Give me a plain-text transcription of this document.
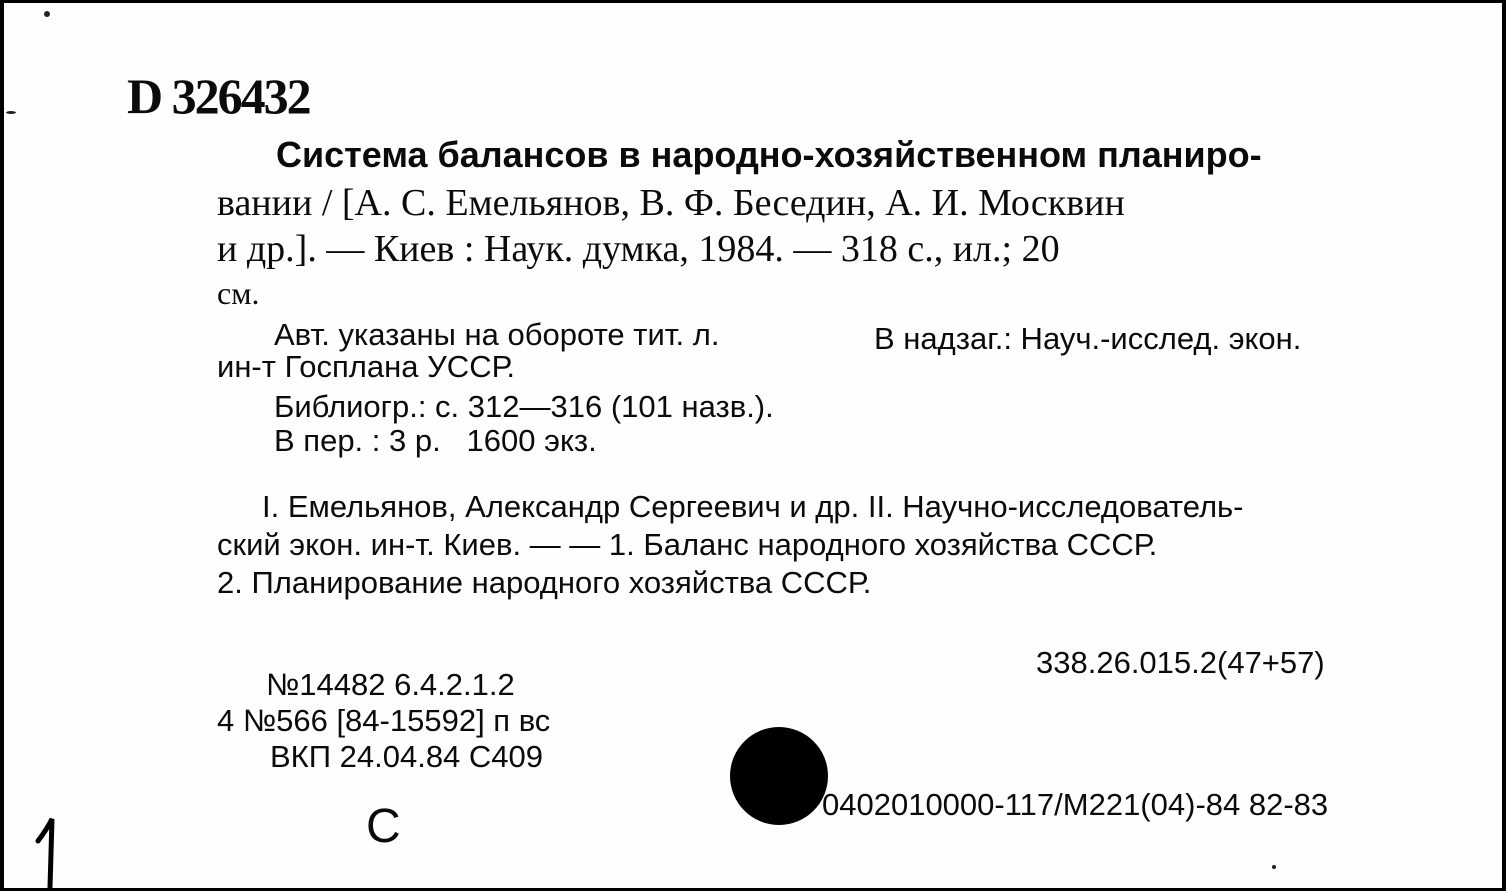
D 326432
Система балансов в народно-хозяйственном планиро-
вании / [А. С. Емельянов, В. Ф. Беседин, А. И. Москвин
и др.]. — Киев : Наук. думка, 1984. — 318 с., ил.; 20
см.
Авт. указаны на обороте тит. л.	В надзаг.: Науч.-исслед. экон.
ин-т Госплана УССР.
Библиогр.: с. 312—316 (101 назв.).
В пер. : 3 р.   1600 экз.
I. Емельянов, Александр Сергеевич и др. II. Научно-исследователь-
ский экон. ин-т. Киев. — — 1. Баланс народного хозяйства СССР.
2. Планирование народного хозяйства СССР.
338.26.015.2(47+57)
№14482 6.4.2.1.2
4 №566 [84-15592] п вс
ВКП 24.04.84 С409
0402010000-117/М221(04)-84 82-83
С
